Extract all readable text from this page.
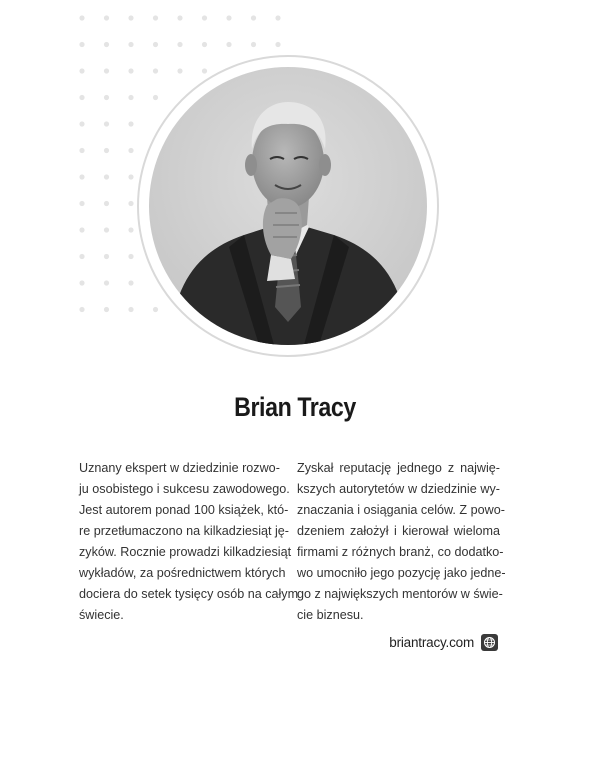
Brian Tracy
Uznany ekspert w dziedzinie rozwo-
ju osobistego i sukcesu zawodowego.
Jest autorem ponad 100 książek, któ-
re przetłumaczono na kilkadziesiąt ję-
zyków. Rocznie prowadzi kilkadziesiąt
wykładów, za pośrednictwem których
dociera do setek tysięcy osób na całym
świecie.
Zyskał reputację jednego z najwię-
kszych autorytetów w dziedzinie wy-
znaczania i osiągania celów. Z powo-
dzeniem założył i kierował wieloma
firmami z różnych branż, co dodatko-
wo umocniło jego pozycję jako jedne-
go z największych mentorów w świe-
cie biznesu.
briantracy.com
